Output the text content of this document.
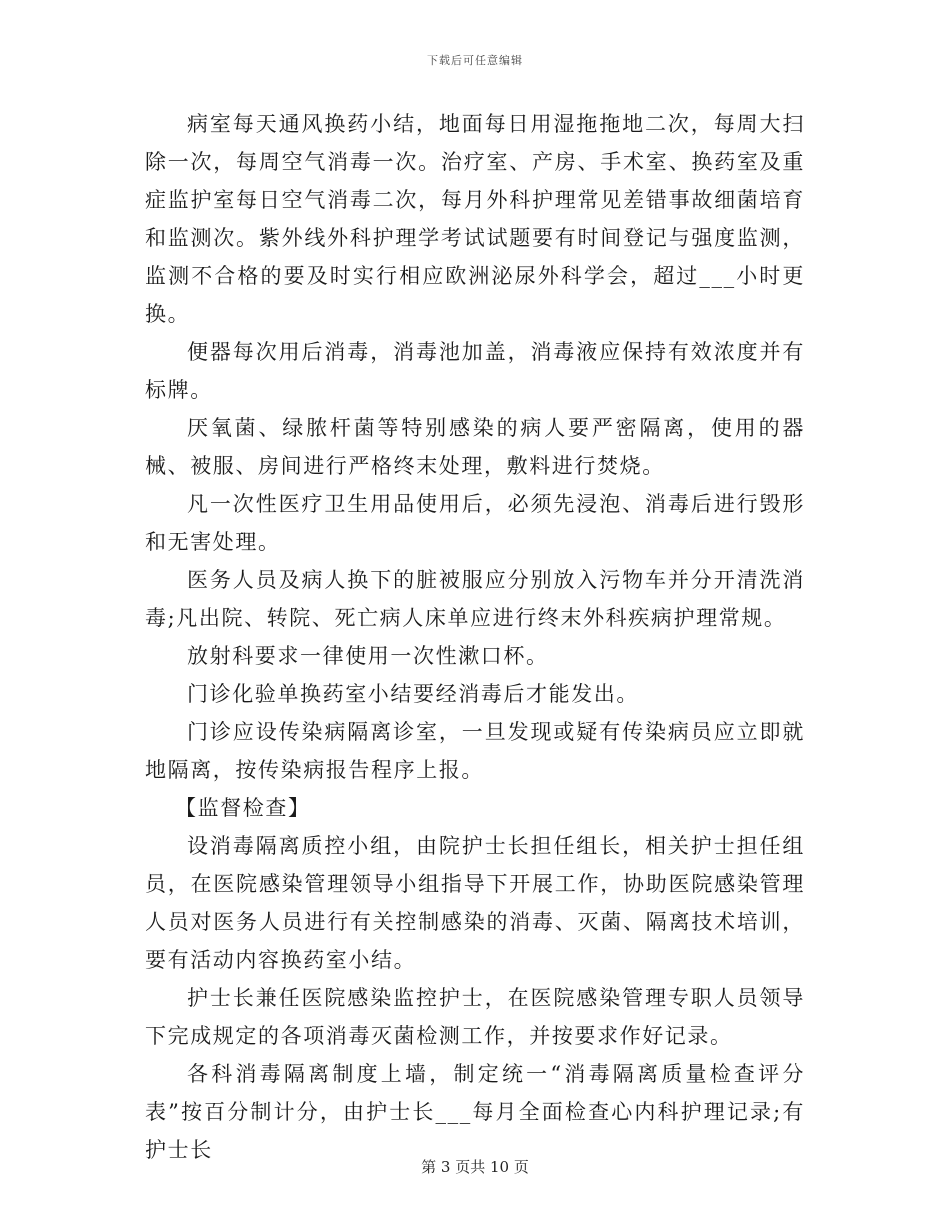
下载后可任意编辑

病室每天通风换药小结，地面每日用湿拖拖地二次，每周大扫除一次，每周空气消毒一次。治疗室、产房、手术室、换药室及重症监护室每日空气消毒二次，每月外科护理常见差错事故细菌培育和监测次。紫外线外科护理学考试试题要有时间登记与强度监测，监测不合格的要及时实行相应欧洲泌尿外科学会，超过___小时更换。

便器每次用后消毒，消毒池加盖，消毒液应保持有效浓度并有标牌。

厌氧菌、绿脓杆菌等特别感染的病人要严密隔离，使用的器械、被服、房间进行严格终末处理，敷料进行焚烧。

凡一次性医疗卫生用品使用后，必须先浸泡、消毒后进行毁形和无害处理。

医务人员及病人换下的脏被服应分别放入污物车并分开清洗消毒;凡出院、转院、死亡病人床单应进行终末外科疾病护理常规。

放射科要求一律使用一次性漱口杯。

门诊化验单换药室小结要经消毒后才能发出。

门诊应设传染病隔离诊室，一旦发现或疑有传染病员应立即就地隔离，按传染病报告程序上报。

【监督检查】

设消毒隔离质控小组，由院护士长担任组长，相关护士担任组员，在医院感染管理领导小组指导下开展工作，协助医院感染管理人员对医务人员进行有关控制感染的消毒、灭菌、隔离技术培训，要有活动内容换药室小结。

护士长兼任医院感染监控护士，在医院感染管理专职人员领导下完成规定的各项消毒灭菌检测工作，并按要求作好记录。

各科消毒隔离制度上墙，制定统一“消毒隔离质量检查评分表”按百分制计分，由护士长___每月全面检查心内科护理记录;有护士长

第 3 页共 10 页
